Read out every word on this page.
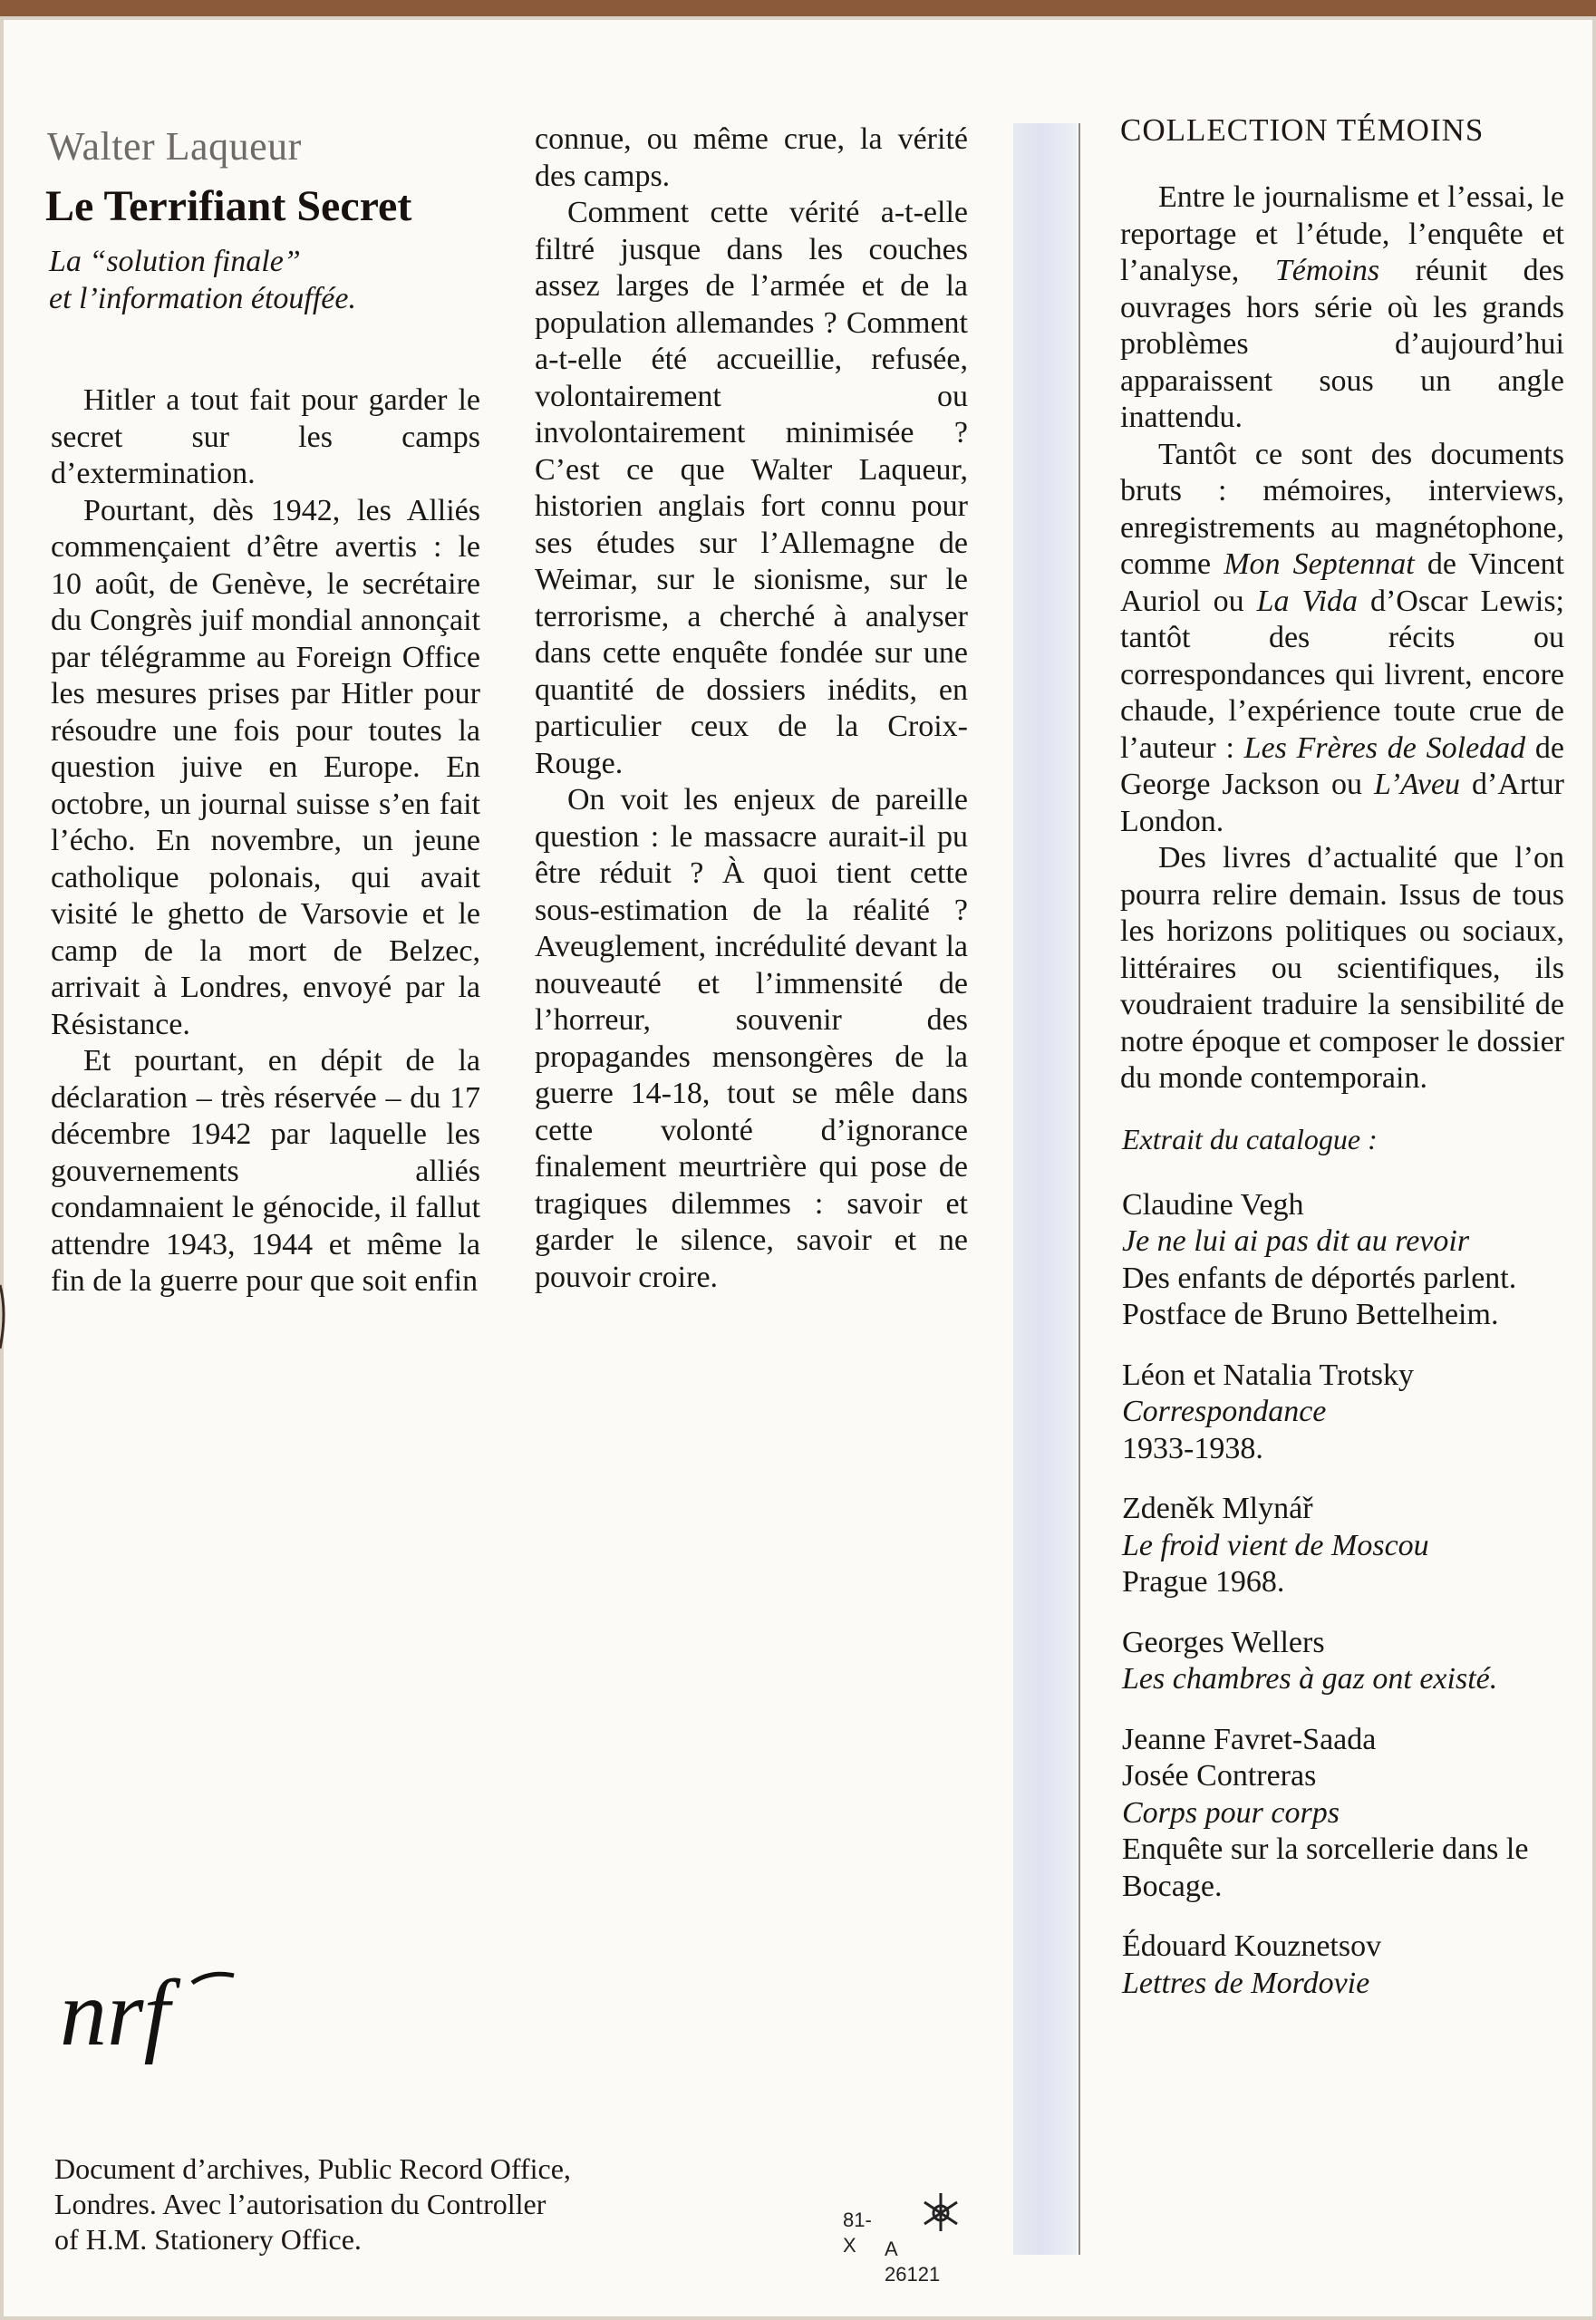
Walter Laqueur
Le Terrifiant Secret
La “solution finale”
et l’information étouffée.

Hitler a tout fait pour garder le secret sur les camps d’extermination.

Pourtant, dès 1942, les Alliés commençaient d’être avertis : le 10 août, de Genève, le secrétaire du Congrès juif mondial annonçait par télégramme au Foreign Office les mesures prises par Hitler pour résoudre une fois pour toutes la question juive en Europe. En octobre, un journal suisse s’en fait l’écho. En novembre, un jeune catholique polonais, qui avait visité le ghetto de Varsovie et le camp de la mort de Belzec, arrivait à Londres, envoyé par la Résistance.

Et pourtant, en dépit de la déclaration – très réservée – du 17 décembre 1942 par laquelle les gouvernements alliés condamnaient le génocide, il fallut attendre 1943, 1944 et même la fin de la guerre pour que soit enfin

connue, ou même crue, la vérité des camps.

Comment cette vérité a-t-elle filtré jusque dans les couches assez larges de l’armée et de la population allemandes ? Comment a-t-elle été accueillie, refusée, volontairement ou involontairement minimisée ? C’est ce que Walter Laqueur, historien anglais fort connu pour ses études sur l’Allemagne de Weimar, sur le sionisme, sur le terrorisme, a cherché à analyser dans cette enquête fondée sur une quantité de dossiers inédits, en particulier ceux de la Croix-Rouge.

On voit les enjeux de pareille question : le massacre aurait-il pu être réduit ? À quoi tient cette sous-estimation de la réalité ? Aveuglement, incrédulité devant la nouveauté et l’immensité de l’horreur, souvenir des propagandes mensongères de la guerre 14-18, tout se mêle dans cette volonté d’ignorance finalement meurtrière qui pose de tragiques dilemmes : savoir et garder le silence, savoir et ne pouvoir croire.

COLLECTION TÉMOINS

Entre le journalisme et l’essai, le reportage et l’étude, l’enquête et l’analyse, Témoins réunit des ouvrages hors série où les grands problèmes d’aujourd’hui apparaissent sous un angle inattendu.

Tantôt ce sont des documents bruts : mémoires, interviews, enregistrements au magnétophone, comme Mon Septennat de Vincent Auriol ou La Vida d’Oscar Lewis; tantôt des récits ou correspondances qui livrent, encore chaude, l’expérience toute crue de l’auteur : Les Frères de Soledad de George Jackson ou L’Aveu d’Artur London.

Des livres d’actualité que l’on pourra relire demain. Issus de tous les horizons politiques ou sociaux, littéraires ou scientifiques, ils voudraient traduire la sensibilité de notre époque et composer le dossier du monde contemporain.

Extrait du catalogue :
Claudine Vegh
Je ne lui ai pas dit au revoir
Des enfants de déportés parlent. Postface de Bruno Bettelheim.
Léon et Natalia Trotsky
Correspondance
1933-1938.
Zdeněk Mlynář
Le froid vient de Moscou
Prague 1968.
Georges Wellers
Les chambres à gaz ont existé.
Jeanne Favret-Saada
Josée Contreras
Corps pour corps
Enquête sur la sorcellerie dans le Bocage.
Édouard Kouznetsov
Lettres de Mordovie
nrf
Document d’archives, Public Record Office,
Londres. Avec l’autorisation du Controller
of H.M. Stationery Office.
81-X	A 26121
